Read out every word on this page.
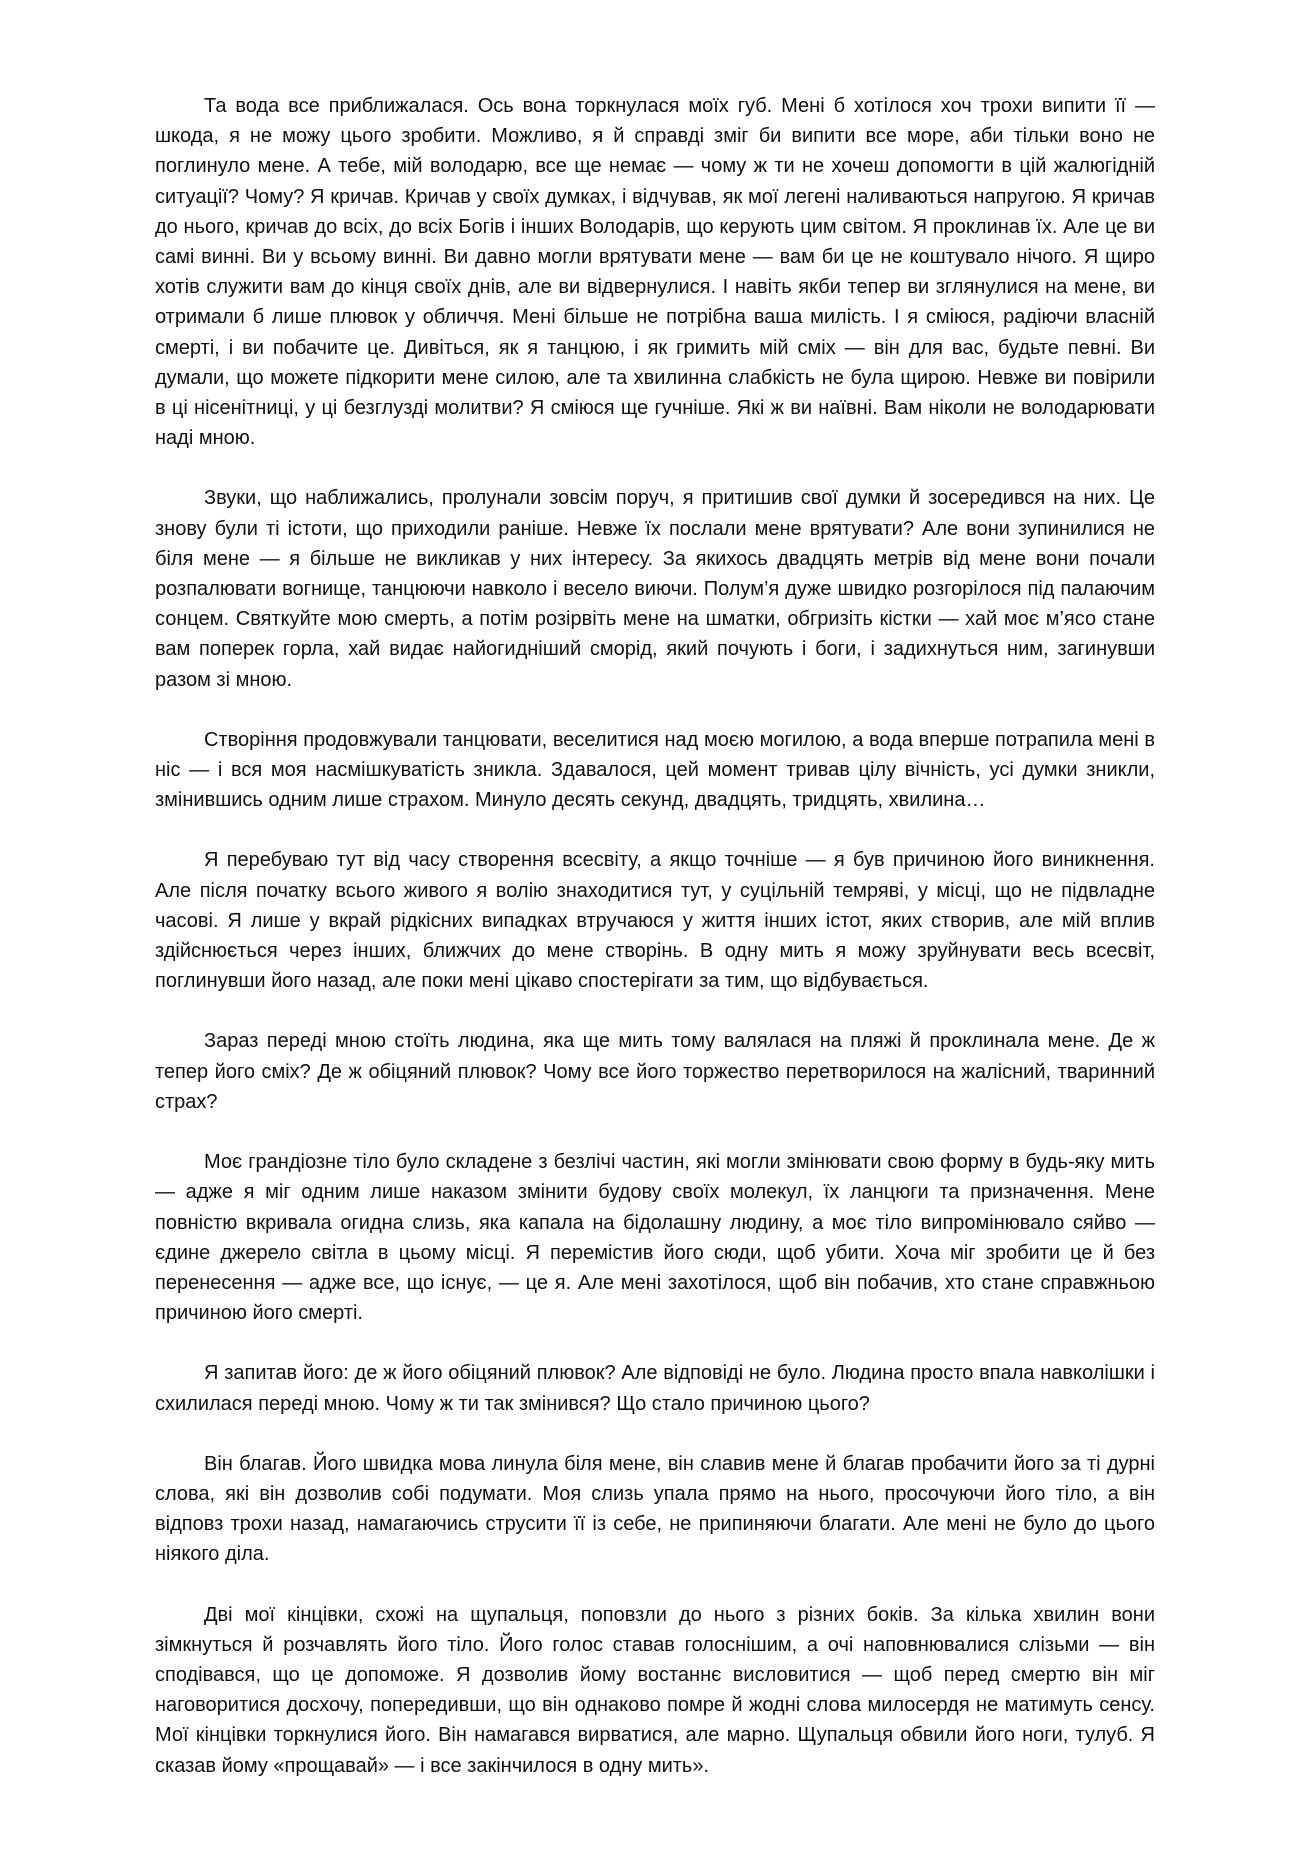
Та вода все приближалася. Ось вона торкнулася моїх губ. Мені б хотілося хоч трохи випити її — шкода, я не можу цього зробити. Можливо, я й справді зміг би випити все море, аби тільки воно не поглинуло мене. А тебе, мій володарю, все ще немає — чому ж ти не хочеш допомогти в цій жалюгідній ситуації? Чому? Я кричав. Кричав у своїх думках, і відчував, як мої легені наливаються напругою. Я кричав до нього, кричав до всіх, до всіх Богів і інших Володарів, що керують цим світом. Я проклинав їх. Але це ви самі винні. Ви у всьому винні. Ви давно могли врятувати мене — вам би це не коштувало нічого. Я щиро хотів служити вам до кінця своїх днів, але ви відвернулися. І навіть якби тепер ви зглянулися на мене, ви отримали б лише плювок у обличчя. Мені більше не потрібна ваша милість. І я сміюся, радіючи власній смерті, і ви побачите це. Дивіться, як я танцюю, і як гримить мій сміх — він для вас, будьте певні. Ви думали, що можете підкорити мене силою, але та хвилинна слабкість не була щирою. Невже ви повірили в ці нісенітниці, у ці безглузді молитви? Я сміюся ще гучніше. Які ж ви наївні. Вам ніколи не володарювати наді мною.

Звуки, що наближались, пролунали зовсім поруч, я притишив свої думки й зосередився на них. Це знову були ті істоти, що приходили раніше. Невже їх послали мене врятувати? Але вони зупинилися не біля мене — я більше не викликав у них інтересу. За якихось двадцять метрів від мене вони почали розпалювати вогнище, танцюючи навколо і весело виючи. Полум’я дуже швидко розгорілося під палаючим сонцем. Святкуйте мою смерть, а потім розірвіть мене на шматки, обгризіть кістки — хай моє м’ясо стане вам поперек горла, хай видає найогидніший сморід, який почують і боги, і задихнуться ним, загинувши разом зі мною.

Створіння продовжували танцювати, веселитися над моєю могилою, а вода вперше потрапила мені в ніс — і вся моя насмішкуватість зникла. Здавалося, цей момент тривав цілу вічність, усі думки зникли, змінившись одним лише страхом. Минуло десять секунд, двадцять, тридцять, хвилина…

Я перебуваю тут від часу створення всесвіту, а якщо точніше — я був причиною його виникнення. Але після початку всього живого я волію знаходитися тут, у суцільній темряві, у місці, що не підвладне часові. Я лише у вкрай рідкісних випадках втручаюся у життя інших істот, яких створив, але мій вплив здійснюється через інших, ближчих до мене створінь. В одну мить я можу зруйнувати весь всесвіт, поглинувши його назад, але поки мені цікаво спостерігати за тим, що відбувається.

Зараз переді мною стоїть людина, яка ще мить тому валялася на пляжі й проклинала мене. Де ж тепер його сміх? Де ж обіцяний плювок? Чому все його торжество перетворилося на жалісний, тваринний страх?

Моє грандіозне тіло було складене з безлічі частин, які могли змінювати свою форму в будь-яку мить — адже я міг одним лише наказом змінити будову своїх молекул, їх ланцюги та призначення. Мене повністю вкривала огидна слизь, яка капала на бідолашну людину, а моє тіло випромінювало сяйво — єдине джерело світла в цьому місці. Я перемістив його сюди, щоб убити. Хоча міг зробити це й без перенесення — адже все, що існує, — це я. Але мені захотілося, щоб він побачив, хто стане справжньою причиною його смерті.

Я запитав його: де ж його обіцяний плювок? Але відповіді не було. Людина просто впала навколішки і схилилася переді мною. Чому ж ти так змінився? Що стало причиною цього?

Він благав. Його швидка мова линула біля мене, він славив мене й благав пробачити його за ті дурні слова, які він дозволив собі подумати. Моя слизь упала прямо на нього, просочуючи його тіло, а він відповз трохи назад, намагаючись струсити її із себе, не припиняючи благати. Але мені не було до цього ніякого діла.

Дві мої кінцівки, схожі на щупальця, поповзли до нього з різних боків. За кілька хвилин вони зімкнуться й розчавлять його тіло. Його голос ставав голоснішим, а очі наповнювалися слізьми — він сподівався, що це допоможе. Я дозволив йому востаннє висловитися — щоб перед смертю він міг наговоритися досхочу, попередивши, що він однаково помре й жодні слова милосердя не матимуть сенсу. Мої кінцівки торкнулися його. Він намагався вирватися, але марно. Щупальця обвили його ноги, тулуб. Я сказав йому «прощавай» — і все закінчилося в одну мить».
